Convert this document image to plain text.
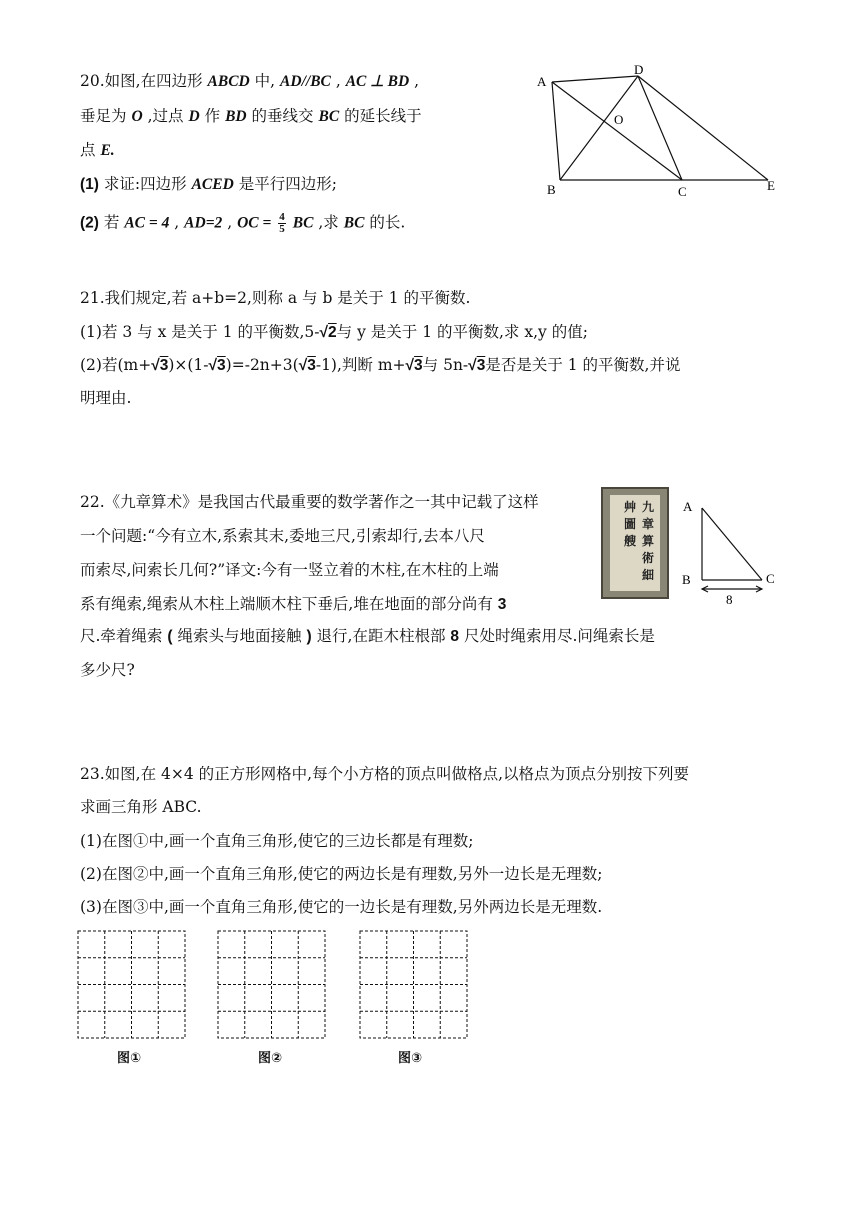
20.如图,在四边形 ABCD 中, AD//BC , AC ⊥ BD ,
垂足为 O ,过点 D 作 BD 的垂线交 BC 的延长线于
点 E.
(1) 求证:四边形 ACED 是平行四边形;
(2) 若 AC = 4 , AD=2 , OC = $\frac{4}{5}$ BC ,求 BC 的长.
A
D
O
B	C	E
21.我们规定,若 a+b=2,则称 a 与 b 是关于 1 的平衡数.
(1)若 3 与 x 是关于 1 的平衡数,5-√2与 y 是关于 1 的平衡数,求 x,y 的值;
(2)若(m+√3)×(1-√3)=-2n+3(√3-1),判断 m+√3与 5n-√3是否是关于 1 的平衡数,并说
明理由.
22.《九章算术》是我国古代最重要的数学著作之一其中记载了这样
一个问题:“今有立木,系索其末,委地三尺,引索却行,去本八尺
而索尽,问索长几何?”译文:今有一竖立着的木柱,在木柱的上端
系有绳索,绳索从木柱上端顺木柱下垂后,堆在地面的部分尚有 3
尺.牵着绳索 ( 绳索头与地面接触 ) 退行,在距木柱根部 8 尺处时绳索用尽.问绳索长是
多少尺?
九章算術細
艸圖艘
A
B	C
8
23.如图,在 4×4 的正方形网格中,每个小方格的顶点叫做格点,以格点为顶点分别按下列要
求画三角形 ABC.
(1)在图①中,画一个直角三角形,使它的三边长都是有理数;
(2)在图②中,画一个直角三角形,使它的两边长是有理数,另外一边长是无理数;
(3)在图③中,画一个直角三角形,使它的一边长是有理数,另外两边长是无理数.
图①	图②	图③
